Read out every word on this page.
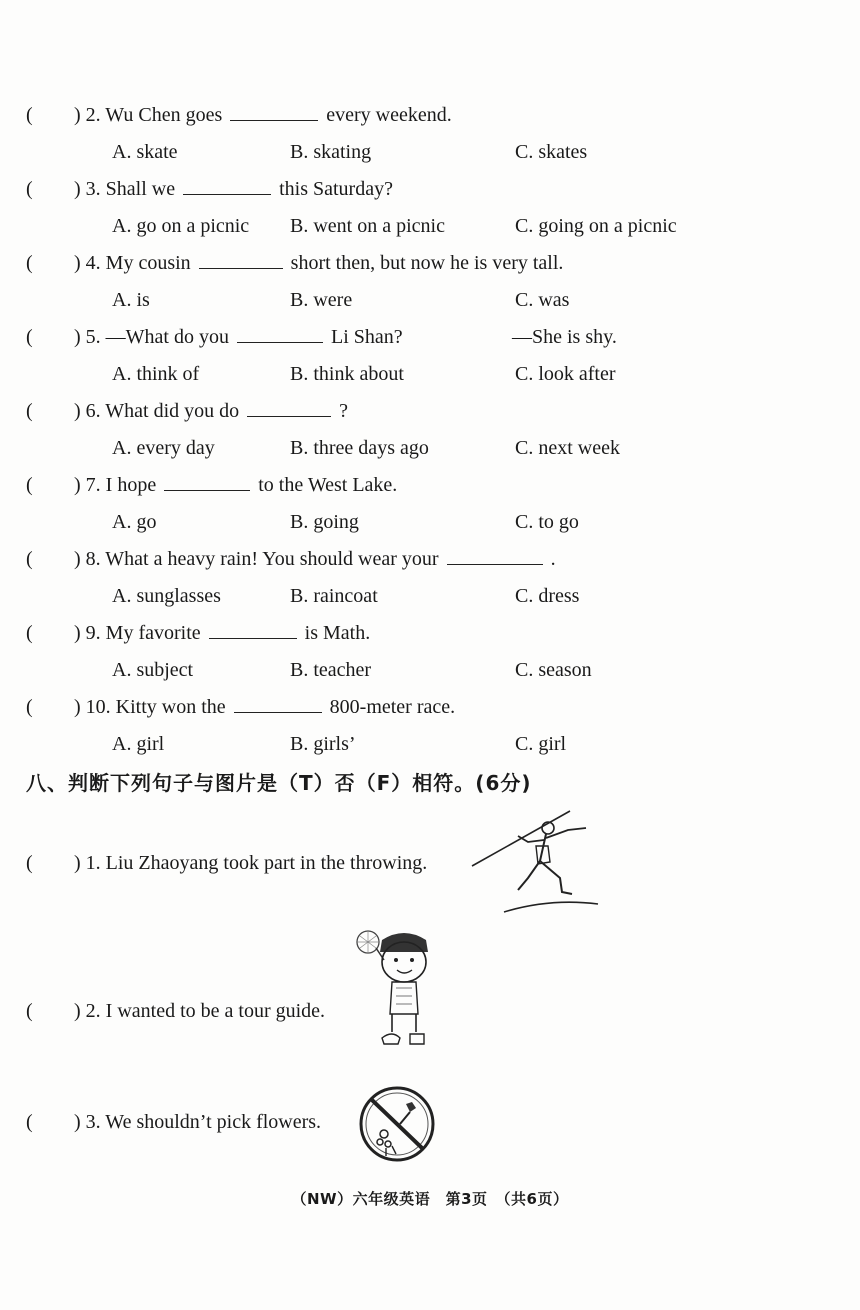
( ) 2. Wu Chen goes	every weekend.
A. skate	B. skating	C. skates
( ) 3. Shall we	this Saturday?
A. go on a picnic B. went on a picnic	C. going on a picnic
( ) 4. My cousin	short then, but now he is very tall.
A. is	B. were	C. was
( ) 5. —What do you	Li Shan?	—She is shy.
A. think of	B. think about	C. look after
( ) 6. What did you do	?
A. every day	B. three days ago	C. next week
( ) 7. I hope	to the West Lake.
A. go	B. going	C. to go
( ) 8. What a heavy rain! You should wear your	.
A. sunglasses	B. raincoat	C. dress
( ) 9. My favorite	is Math.
A. subject	B. teacher	C. season
( ) 10. Kitty won the	800-meter race.
A. girl	B. girls’	C. girl
八、判断下列句子与图片是（T）否（F）相符。(6分)
( ) 1. Liu Zhaoyang took part in the throwing.
( ) 2. I wanted to be a tour guide.
( ) 3. We shouldn’t pick flowers.
（NW）六年级英语　第3页　（共6页）
